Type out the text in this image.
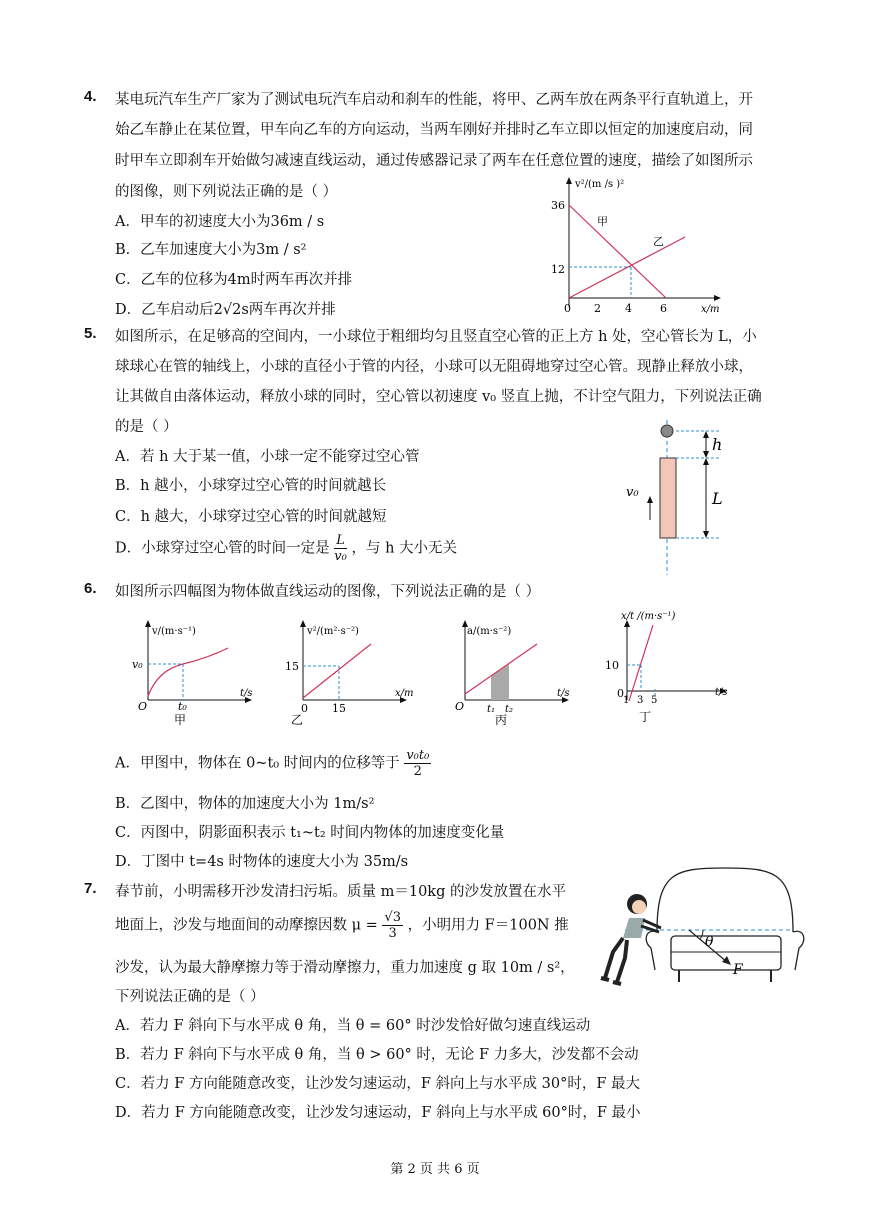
4. 某电玩汽车生产厂家为了测试电玩汽车启动和刹车的性能，将甲、乙两车放在两条平行直轨道上，开
始乙车静止在某位置，甲车向乙车的方向运动，当两车刚好并排时乙车立即以恒定的加速度启动，同
时甲车立即刹车开始做匀减速直线运动，通过传感器记录了两车在任意位置的速度，描绘了如图所示
的图像，则下列说法正确的是（ ）
A．甲车的初速度大小为36m / s
B．乙车加速度大小为3m / s²
C．乙车的位移为4m时两车再次并排
D．乙车启动后2√2s两车再次并排
v²/(m /s )²
x/m
36
12
0 2 4	6
甲
乙
5. 如图所示，在足够高的空间内，一小球位于粗细均匀且竖直空心管的正上方 h 处，空心管长为 L，小
球球心在管的轴线上，小球的直径小于管的内径，小球可以无阻碍地穿过空心管。现静止释放小球，
让其做自由落体运动，释放小球的同时，空心管以初速度 v₀ 竖直上抛，不计空气阻力，下列说法正确
的是（ ）
A．若 h 大于某一值，小球一定不能穿过空心管
B．h 越小，小球穿过空心管的时间就越长
C．h 越大，小球穿过空心管的时间就越短
D．小球穿过空心管的时间一定是 $\frac{L}{\text{v₀}}$ ，与 h 大小无关
h
L
v₀
6. 如图所示四幅图为物体做直线运动的图像，下列说法正确的是（ ）
v/(m·s⁻¹)
t/s
O
v₀
t₀
甲
v²/(m²·s⁻²)
x/m
0
15
15
乙
a/(m·s⁻²)
t/s
O t₁ t₂
丙
x/t /(m·s⁻¹)
t/s
0
10
1 3 5
丁
A．甲图中，物体在 0~t₀ 时间内的位移等于 $\frac{\text{v₀t₀}}{2}$
B．乙图中，物体的加速度大小为 1m/s²
C．丙图中，阴影面积表示 t₁~t₂ 时间内物体的加速度变化量
D．丁图中 t=4s 时物体的速度大小为 35m/s
7. 春节前，小明需移开沙发清扫污垢。质量 m＝10kg 的沙发放置在水平
地面上，沙发与地面间的动摩擦因数 $\mu = \frac{√3}{3}$ ，小明用力 F＝100N 推
沙发，认为最大静摩擦力等于滑动摩擦力，重力加速度 g 取 10m / s²，
下列说法正确的是（ ）
A．若力 F 斜向下与水平成 θ 角，当 θ = 60° 时沙发恰好做匀速直线运动
B．若力 F 斜向下与水平成 θ 角，当 θ > 60° 时，无论 F 力多大，沙发都不会动
C．若力 F 方向能随意改变，让沙发匀速运动，F 斜向上与水平成 30°时，F 最大
D．若力 F 方向能随意改变，让沙发匀速运动，F 斜向上与水平成 60°时，F 最小
θ
F
第 2 页 共 6 页
